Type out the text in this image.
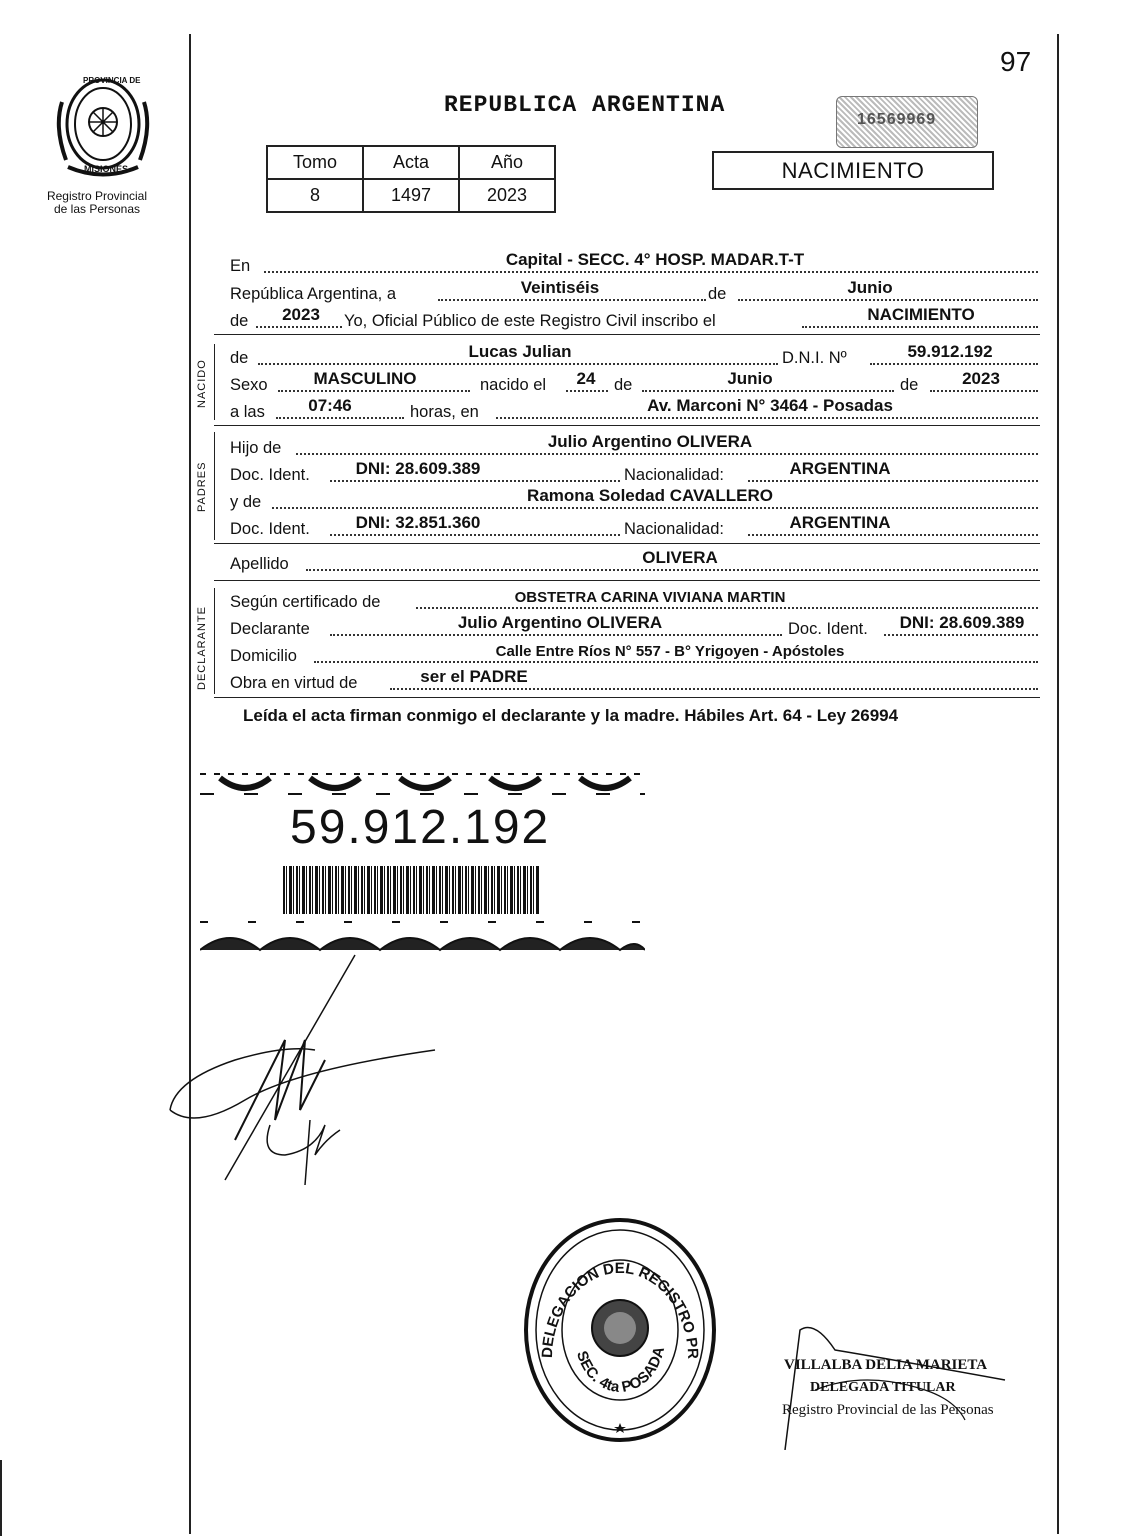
97
PROVINCIA DE
MISIONES
Registro Provincial
de las Personas
REPUBLICA ARGENTINA
16569969
Tomo	Acta	Año
8	1497	2023
NACIMIENTO
En	Capital - SECC. 4° HOSP. MADAR.T-T
República Argentina, a	Veintiséis	de	Junio
de	2023	Yo, Oficial Público de este Registro Civil inscribo el	NACIMIENTO
NACIDO
de	Lucas Julian	D.N.I. Nº	59.912.192
Sexo	MASCULINO	nacido el	24	de	Junio	de	2023
a las	07:46	horas, en	Av. Marconi N° 3464 - Posadas
PADRES
Hijo de	Julio Argentino OLIVERA
Doc. Ident.	DNI: 28.609.389	Nacionalidad:	ARGENTINA
y de	Ramona Soledad CAVALLERO
Doc. Ident.	DNI: 32.851.360	Nacionalidad:	ARGENTINA
Apellido	OLIVERA
DECLARANTE
Según certificado de	OBSTETRA CARINA VIVIANA MARTIN
Declarante	Julio Argentino OLIVERA	Doc. Ident.	DNI: 28.609.389
Domicilio	Calle Entre Ríos N° 557 - B° Yrigoyen - Apóstoles
Obra en virtud de	ser el PADRE
Leída el acta firman conmigo el declarante y la madre. Hábiles Art. 64 - Ley 26994
59.912.192
DELEGACION DEL REGISTRO PR
SEC. 4ta POSADA
VILLALBA DELIA MARIETA
DELEGADA TITULAR
Registro Provincial de las Personas
